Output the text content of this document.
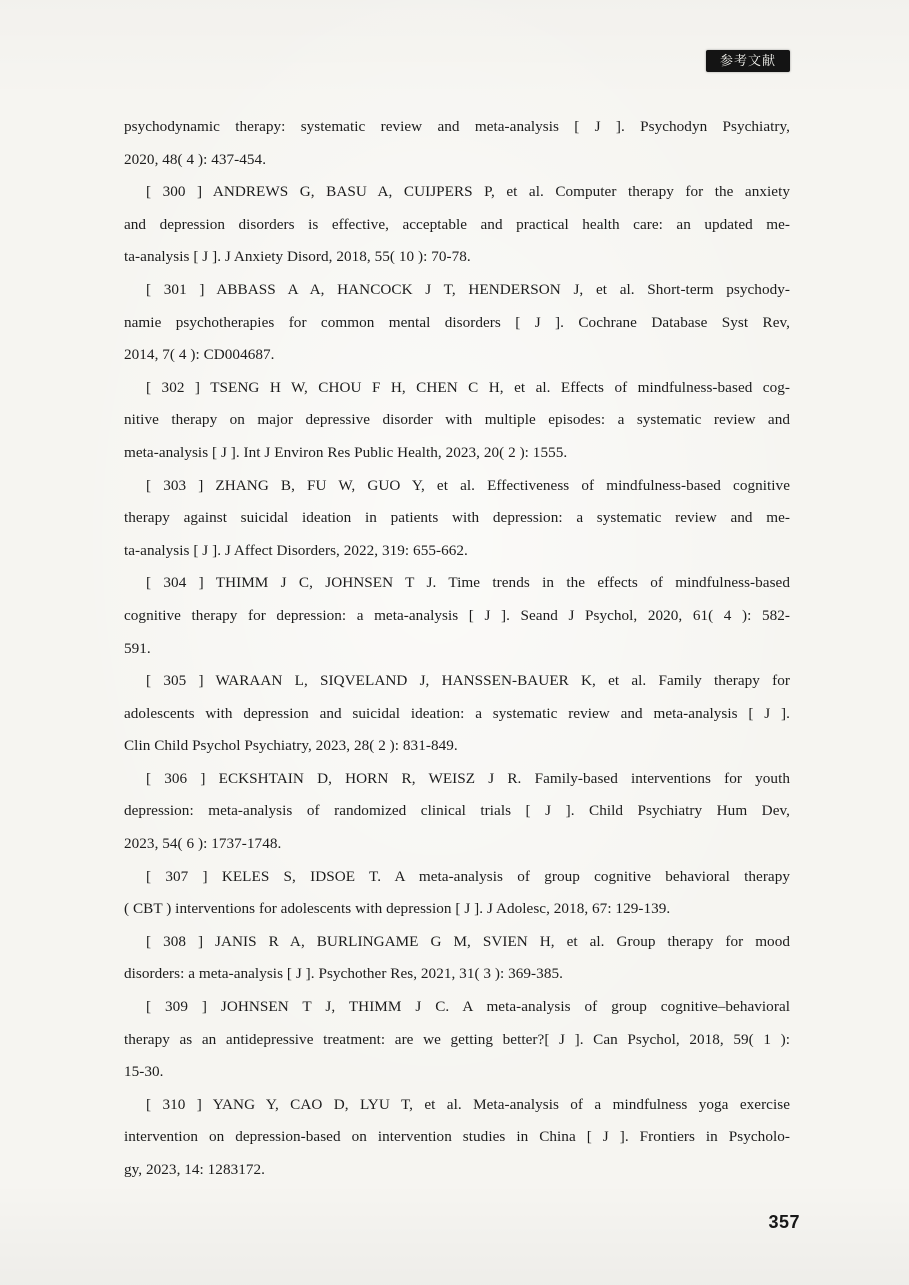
参考文献

psychodynamic therapy: systematic review and meta-analysis [ J ]. Psychodyn Psychiatry,
2020, 48( 4 ): 437-454.

[ 300 ] ANDREWS G, BASU A, CUIJPERS P, et al. Computer therapy for the anxiety
and depression disorders is effective, acceptable and practical health care: an updated me-
ta-analysis [ J ]. J Anxiety Disord, 2018, 55( 10 ): 70-78.

[ 301 ] ABBASS A A, HANCOCK J T, HENDERSON J, et al. Short-term psychody-
namie psychotherapies for common mental disorders [ J ]. Cochrane Database Syst Rev,
2014, 7( 4 ): CD004687.

[ 302 ] TSENG H W, CHOU F H, CHEN C H, et al. Effects of mindfulness-based cog-
nitive therapy on major depressive disorder with multiple episodes: a systematic review and
meta-analysis [ J ]. Int J Environ Res Public Health, 2023, 20( 2 ): 1555.

[ 303 ] ZHANG B, FU W, GUO Y, et al. Effectiveness of mindfulness-based cognitive
therapy against suicidal ideation in patients with depression: a systematic review and me-
ta-analysis [ J ]. J Affect Disorders, 2022, 319: 655-662.

[ 304 ] THIMM J C, JOHNSEN T J. Time trends in the effects of mindfulness-based
cognitive therapy for depression: a meta-analysis [ J ]. Seand J Psychol, 2020, 61( 4 ): 582-
591.

[ 305 ] WARAAN L, SIQVELAND J, HANSSEN-BAUER K, et al. Family therapy for
adolescents with depression and suicidal ideation: a systematic review and meta-analysis [ J ].
Clin Child Psychol Psychiatry, 2023, 28( 2 ): 831-849.

[ 306 ] ECKSHTAIN D, HORN R, WEISZ J R. Family-based interventions for youth
depression: meta-analysis of randomized clinical trials [ J ]. Child Psychiatry Hum Dev,
2023, 54( 6 ): 1737-1748.

[ 307 ] KELES S, IDSOE T. A meta-analysis of group cognitive behavioral therapy
( CBT ) interventions for adolescents with depression [ J ]. J Adolesc, 2018, 67: 129-139.

[ 308 ] JANIS R A, BURLINGAME G M, SVIEN H, et al. Group therapy for mood
disorders: a meta-analysis [ J ]. Psychother Res, 2021, 31( 3 ): 369-385.

[ 309 ] JOHNSEN T J, THIMM J C. A meta-analysis of group cognitive–behavioral
therapy as an antidepressive treatment: are we getting better?[ J ]. Can Psychol, 2018, 59( 1 ):
15-30.

[ 310 ] YANG Y, CAO D, LYU T, et al. Meta-analysis of a mindfulness yoga exercise
intervention on depression-based on intervention studies in China [ J ]. Frontiers in Psycholo-
gy, 2023, 14: 1283172.

357
